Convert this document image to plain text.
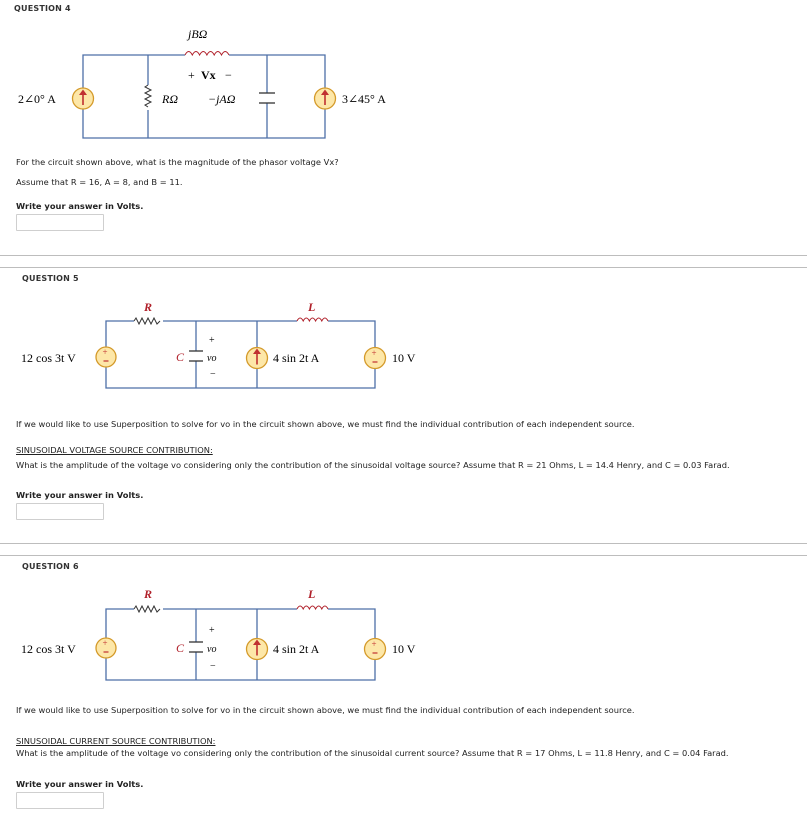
QUESTION 4
jBΩ
+ Vx −
RΩ −jAΩ
2∠0° A	3∠45° A
For the circuit shown above, what is the magnitude of the phasor voltage Vx?
Assume that R = 16, A = 8, and B = 11.
Write your answer in Volts.
QUESTION 5
+	+
R	L
C
+
vo
−
12 cos 3t V	4 sin 2t A	10 V
If we would like to use Superposition to solve for vo in the circuit shown above, we must find the individual contribution of each independent source.
SINUSOIDAL VOLTAGE SOURCE CONTRIBUTION:
What is the amplitude of the voltage vo considering only the contribution of the sinusoidal voltage source? Assume that R = 21 Ohms, L = 14.4 Henry, and C = 0.03 Farad.
Write your answer in Volts.
QUESTION 6
+	+
R	L
C
+
vo
−
12 cos 3t V	4 sin 2t A	10 V
If we would like to use Superposition to solve for vo in the circuit shown above, we must find the individual contribution of each independent source.
SINUSOIDAL CURRENT SOURCE CONTRIBUTION:
What is the amplitude of the voltage vo considering only the contribution of the sinusoidal current source? Assume that R = 17 Ohms, L = 11.8 Henry, and C = 0.04 Farad.
Write your answer in Volts.
